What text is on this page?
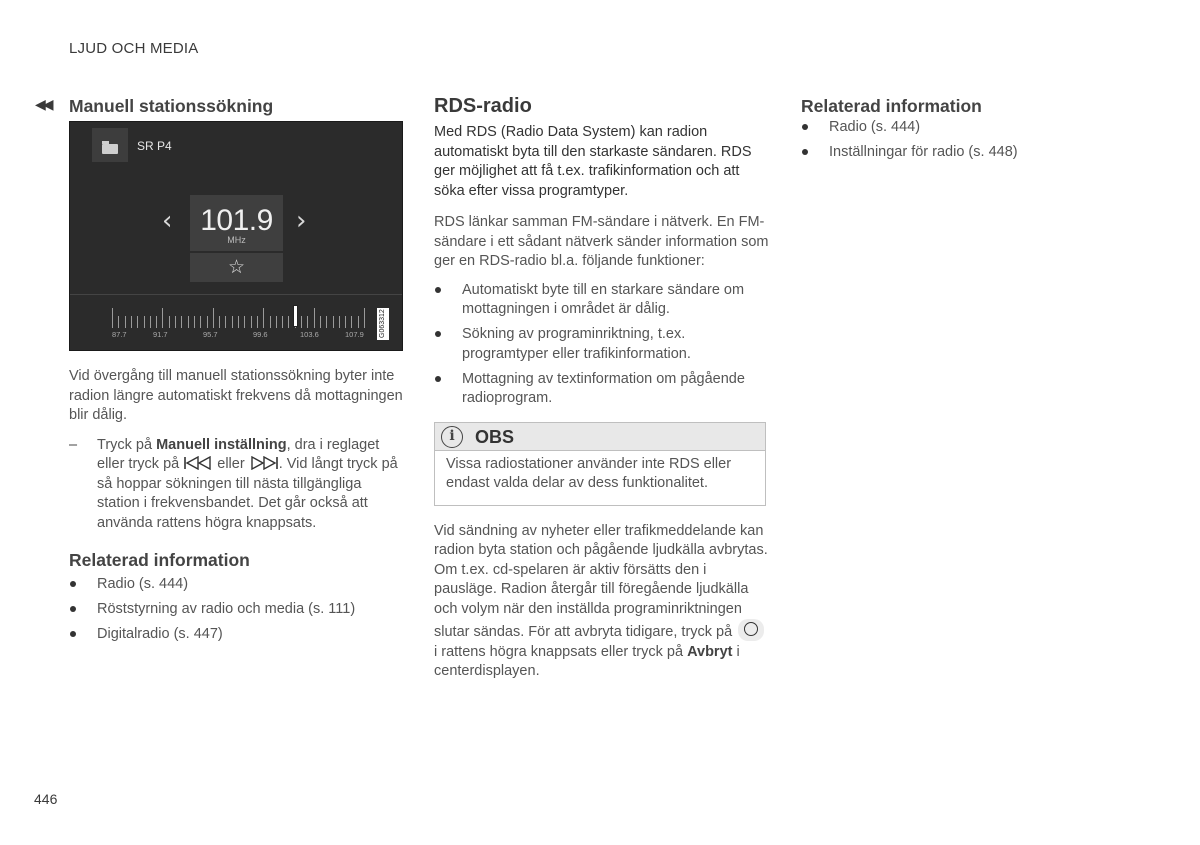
LJUD OCH MEDIA
◀◀ Manuell stationssökning
SR P4
‹ 101.9
MHz
›
☆
87.7	91.7	95.7	99.6	103.6	107.9 G063312

Vid övergång till manuell stationssökning byter inte radion längre automatiskt frekvens då mottagningen blir dålig.

– Tryck på Manuell inställning, dra i reglaget eller tryck på  eller . Vid långt tryck på så hoppar sökningen till nästa tillgängliga station i frekvensbandet. Det går också att använda rattens högra knappsats.
Relaterad information
Radio (s. 444)
Röststyrning av radio och media (s. 111)
Digitalradio (s. 447)
RDS-radio

Med RDS (Radio Data System) kan radion automatiskt byta till den starkaste sändaren. RDS ger möjlighet att få t.ex. trafikinformation och att söka efter vissa programtyper.

RDS länkar samman FM-sändare i nätverk. En FM-sändare i ett sådant nätverk sänder information som ger en RDS-radio bl.a. följande funktioner:

Automatiskt byte till en starkare sändare om mottagningen i området är dålig.
Sökning av programinriktning, t.ex. programtyper eller trafikinformation.
Mottagning av textinformation om pågående radioprogram.
i	OBS
Vissa radiostationer använder inte RDS eller endast valda delar av dess funktionalitet.

Vid sändning av nyheter eller trafikmeddelande kan radion byta station och pågående ljudkälla avbrytas. Om t.ex. cd-spelaren är aktiv försätts den i pausläge. Radion återgår till föregående ljudkälla och volym när den inställda programinriktningen slutar sändas. För att avbryta tidigare, tryck på  i rattens högra knappsats eller tryck på Avbryt i centerdisplayen.

Relaterad information
Radio (s. 444)
Inställningar för radio (s. 448)
446
